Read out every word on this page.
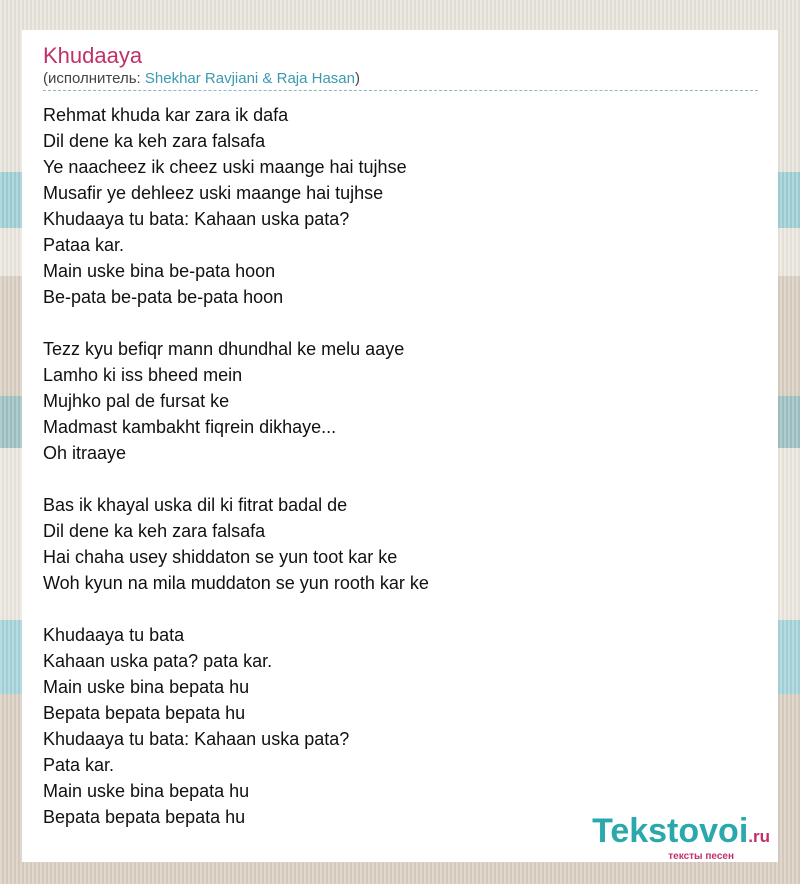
Khudaaya
(исполнитель: Shekhar Ravjiani & Raja Hasan)
Rehmat khuda kar zara ik dafa
Dil dene ka keh zara falsafa
Ye naacheez ik cheez uski maange hai tujhse
Musafir ye dehleez uski maange hai tujhse
Khudaaya tu bata: Kahaan uska pata?
Pataa kar.
Main uske bina be-pata hoon
Be-pata be-pata be-pata hoon
Tezz kyu befiqr mann dhundhal ke melu aaye
Lamho ki iss bheed mein
Mujhko pal de fursat ke
Madmast kambakht fiqrein dikhaye...
Oh itraaye
Bas ik khayal uska dil ki fitrat badal de
Dil dene ka keh zara falsafa
Hai chaha usey shiddaton se yun toot kar ke
Woh kyun na mila muddaton se yun rooth kar ke
Khudaaya tu bata
Kahaan uska pata? pata kar.
Main uske bina bepata hu
Bepata bepata bepata hu
Khudaaya tu bata: Kahaan uska pata?
Pata kar.
Main uske bina bepata hu
Bepata bepata bepata hu	Tekstovoi.ru
тексты песен
